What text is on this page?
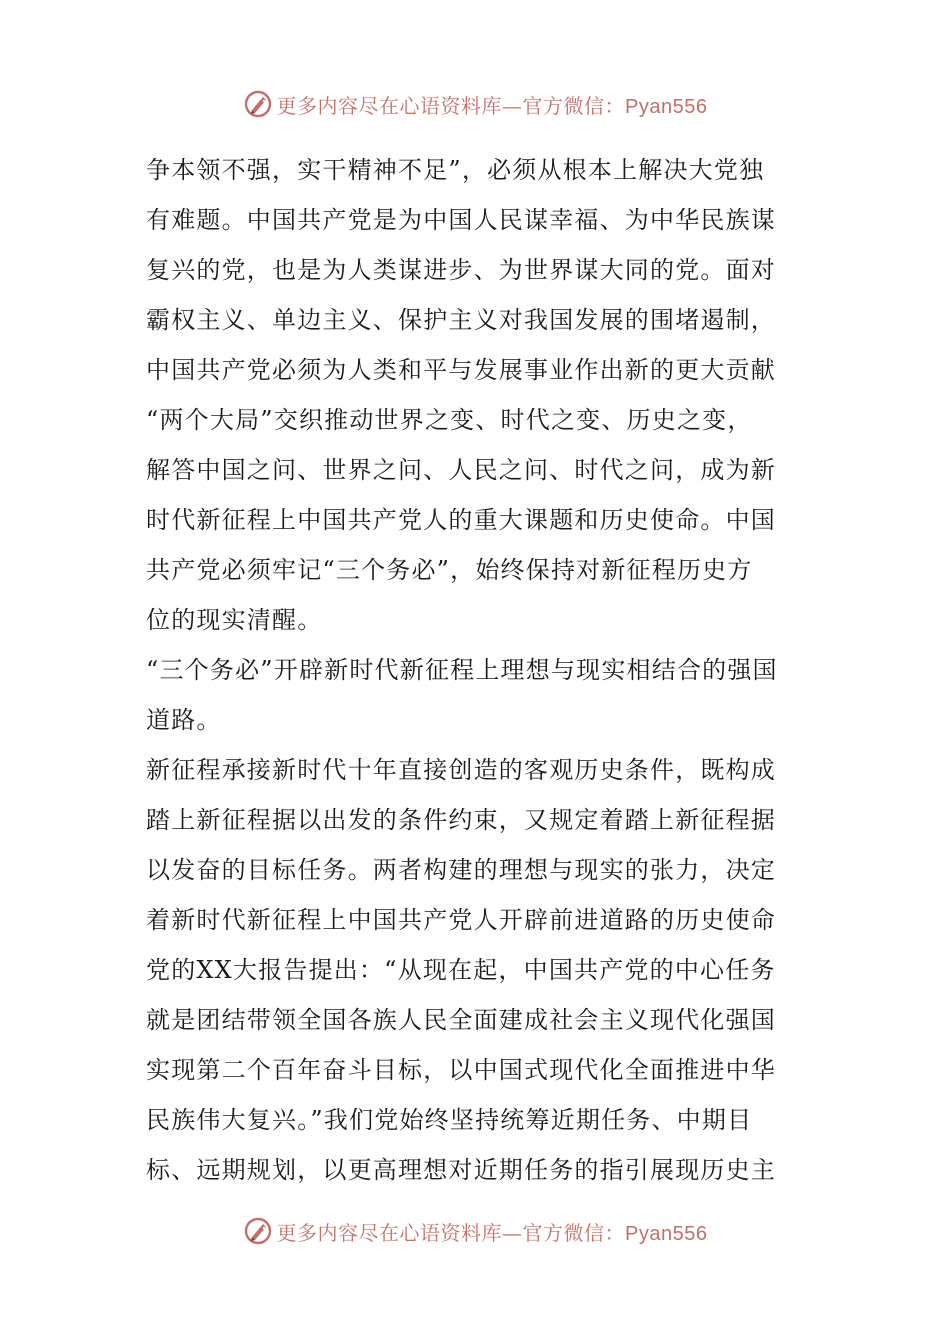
更多内容尽在心语资料库—官方微信：Pyan556
争本领不强，实干精神不足”，必须从根本上解决大党独
有难题。中国共产党是为中国人民谋幸福、为中华民族谋
复兴的党，也是为人类谋进步、为世界谋大同的党。面对
霸权主义、单边主义、保护主义对我国发展的围堵遏制，
中国共产党必须为人类和平与发展事业作出新的更大贡献
“两个大局”交织推动世界之变、时代之变、历史之变，
解答中国之问、世界之问、人民之问、时代之问，成为新
时代新征程上中国共产党人的重大课题和历史使命。中国
共产党必须牢记“三个务必”，始终保持对新征程历史方
位的现实清醒。
“三个务必”开辟新时代新征程上理想与现实相结合的强国
道路。
新征程承接新时代十年直接创造的客观历史条件，既构成
踏上新征程据以出发的条件约束，又规定着踏上新征程据
以发奋的目标任务。两者构建的理想与现实的张力，决定
着新时代新征程上中国共产党人开辟前进道路的历史使命
党的XX大报告提出：“从现在起，中国共产党的中心任务
就是团结带领全国各族人民全面建成社会主义现代化强国
实现第二个百年奋斗目标，以中国式现代化全面推进中华
民族伟大复兴。”我们党始终坚持统筹近期任务、中期目
标、远期规划，以更高理想对近期任务的指引展现历史主
更多内容尽在心语资料库—官方微信：Pyan556
